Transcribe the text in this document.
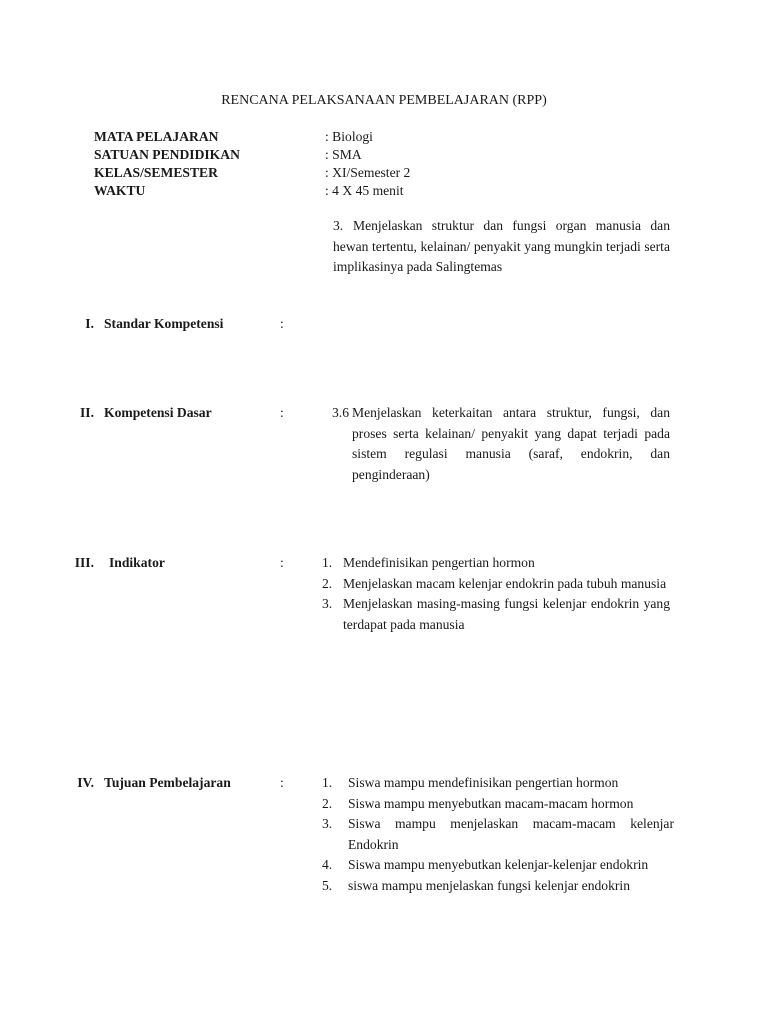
RENCANA PELAKSANAAN PEMBELAJARAN (RPP)
MATA PELAJARAN	: Biologi
SATUAN PENDIDIKAN	: SMA
KELAS/SEMESTER	: XI/Semester 2
WAKTU	: 4 X 45 menit
3. Menjelaskan struktur dan fungsi organ manusia dan hewan tertentu, kelainan/ penyakit yang mungkin terjadi serta implikasinya pada Salingtemas
I. Standar Kompetensi	:
II. Kompetensi Dasar	:	3.6 Menjelaskan keterkaitan antara struktur, fungsi, dan proses serta kelainan/ penyakit yang dapat terjadi pada sistem regulasi manusia (saraf, endokrin, dan penginderaan)
III. Indikator	:	1. Mendefinisikan pengertian hormon
2. Menjelaskan macam kelenjar endokrin pada tubuh manusia
3. Menjelaskan masing-masing fungsi kelenjar endokrin yang terdapat pada manusia
IV. Tujuan Pembelajaran	:	1. Siswa mampu mendefinisikan pengertian hormon
2. Siswa mampu menyebutkan macam-macam hormon
3. Siswa mampu menjelaskan macam-macam kelenjar Endokrin
4. Siswa mampu menyebutkan kelenjar-kelenjar endokrin
5. siswa mampu menjelaskan fungsi kelenjar endokrin
